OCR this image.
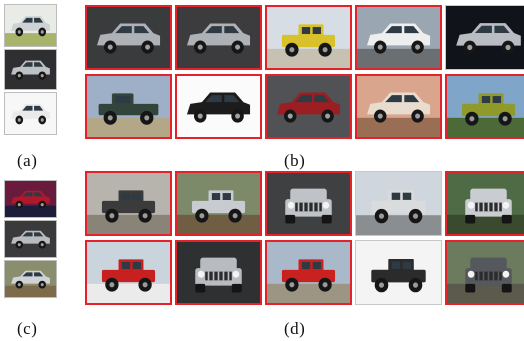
(a)	(b)
(c)	(d)
